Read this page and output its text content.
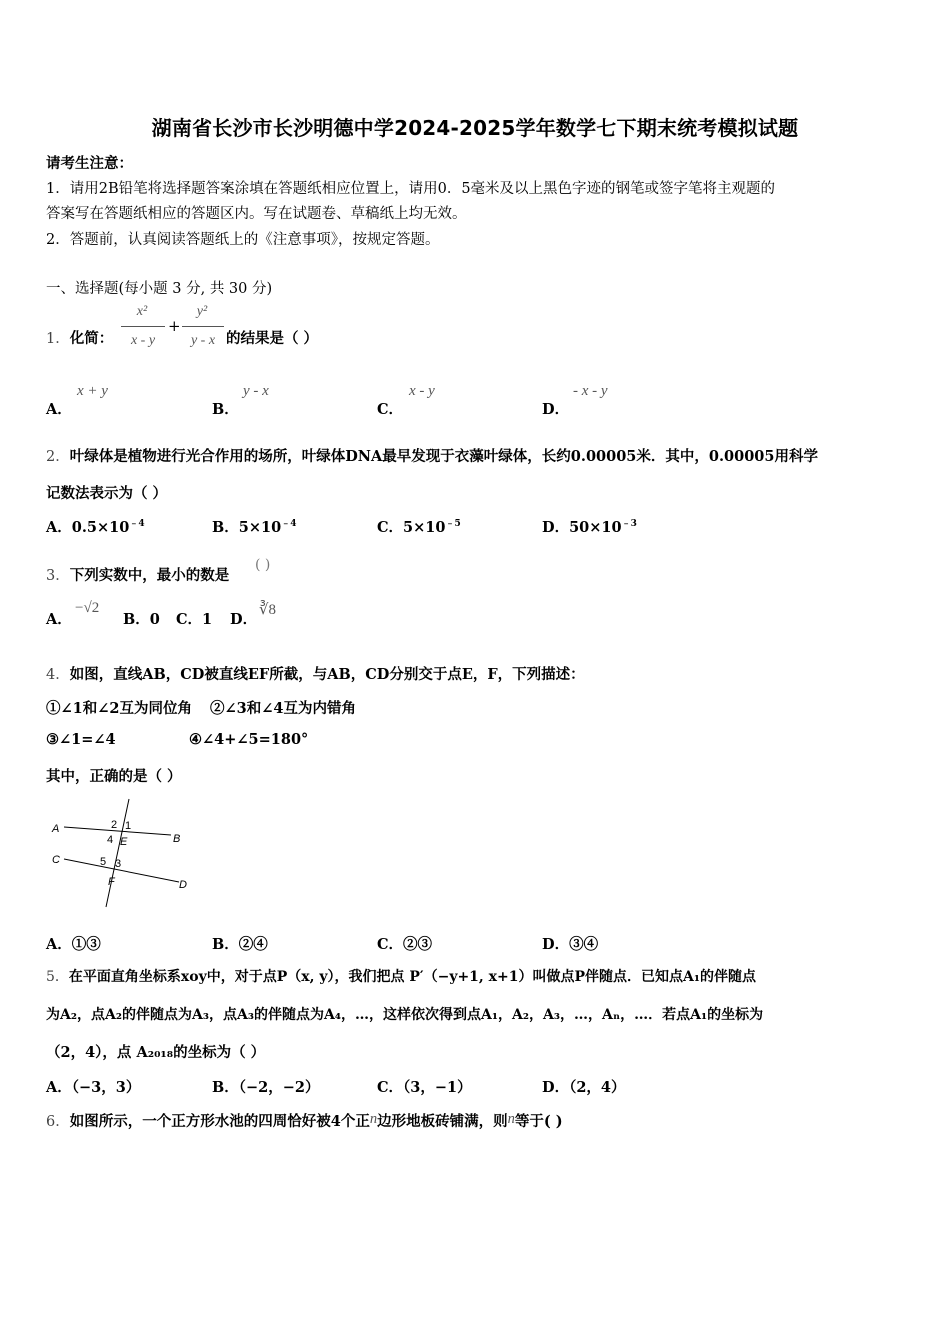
湖南省长沙市长沙明德中学2024-2025学年数学七下期末统考模拟试题
请考生注意：
1．请用2B铅笔将选择题答案涂填在答题纸相应位置上，请用0．5毫米及以上黑色字迹的钢笔或签字笔将主观题的
答案写在答题纸相应的答题区内。写在试题卷、草稿纸上均无效。
2．答题前，认真阅读答题纸上的《注意事项》，按规定答题。
一、选择题(每小题 3 分, 共 30 分)
1．化简：
x²
x - y
+
y²
y - x 的结果是（ ）
A．
x + y
B．
y - x
C．
x - y
D．
- x - y
2．叶绿体是植物进行光合作用的场所，叶绿体DNA最早发现于衣藻叶绿体，长约0.00005米．其中，0.00005用科学
记数法表示为（ ）
A．$0.5\times 10^{﹣4}$	B．$5\times 10^{﹣4}$	C．$5\times 10^{﹣5}$	D．$50\times 10^{﹣3}$
3．下列实数中，最小的数是
( )
A．
−√2
B．0 C．1 D．
∛8
4．如图，直线AB，CD被直线EF所截，与AB，CD分别交于点E，F，下列描述：
①∠1和∠2互为同位角 ②∠3和∠4互为内错角
③∠1=∠4	④∠4+∠5=180°
其中，正确的是（ ）
A
B
C
D
E
F
2 1
4
5 3
A．①③	B．②④	C．②③	D．③④
5．在平面直角坐标系xoy中，对于点P（x, y），我们把点 P′（−y+1, x+1）叫做点P伴随点．已知点A₁的伴随点
为A₂，点A₂的伴随点为A₃，点A₃的伴随点为A₄，…，这样依次得到点A₁，A₂，A₃，…，Aₙ，…．若点A₁的坐标为
（2，4），点 A₂₀₁₈的坐标为（ ）
A．（−3，3）	B．（−2，−2）	C．（3，−1）	D．（2，4）
6．如图所示，一个正方形水池的四周恰好被4个正n边形地板砖铺满，则n等于( )
